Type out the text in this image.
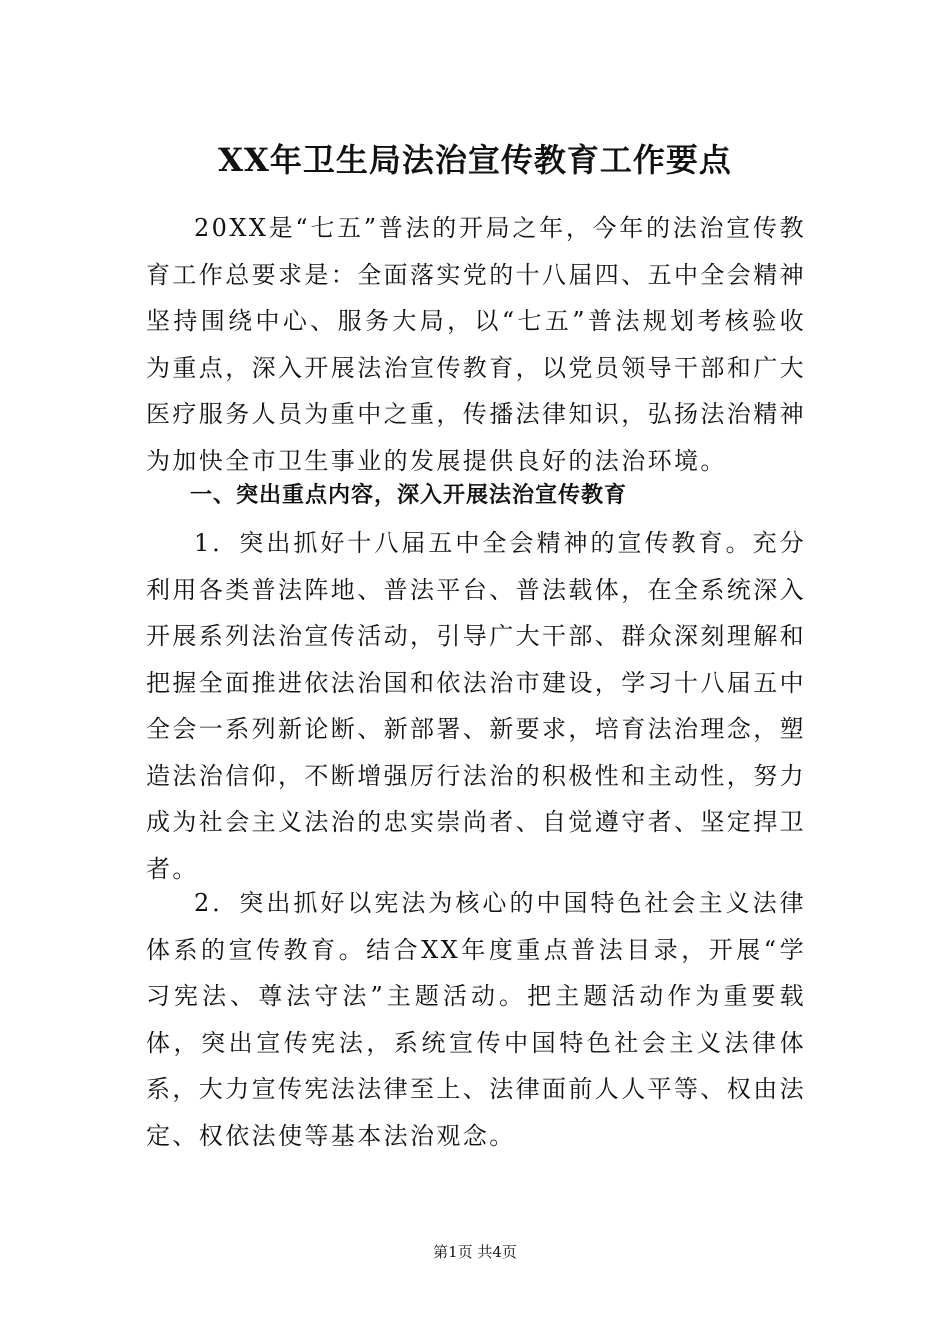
XX年卫生局法治宣传教育工作要点

20XX是“七五”普法的开局之年，今年的法治宣传教育工作总要求是：全面落实党的十八届四、五中全会精神坚持围绕中心、服务大局，以“七五”普法规划考核验收为重点，深入开展法治宣传教育，以党员领导干部和广大医疗服务人员为重中之重，传播法律知识，弘扬法治精神为加快全市卫生事业的发展提供良好的法治环境。

一、突出重点内容，深入开展法治宣传教育

1．突出抓好十八届五中全会精神的宣传教育。充分利用各类普法阵地、普法平台、普法载体，在全系统深入开展系列法治宣传活动，引导广大干部、群众深刻理解和把握全面推进依法治国和依法治市建设，学习十八届五中全会一系列新论断、新部署、新要求，培育法治理念，塑造法治信仰，不断增强厉行法治的积极性和主动性，努力成为社会主义法治的忠实崇尚者、自觉遵守者、坚定捍卫者。

2．突出抓好以宪法为核心的中国特色社会主义法律体系的宣传教育。结合XX年度重点普法目录，开展“学习宪法、尊法守法”主题活动。把主题活动作为重要载体，突出宣传宪法，系统宣传中国特色社会主义法律体系，大力宣传宪法法律至上、法律面前人人平等、权由法定、权依法使等基本法治观念。

第1页 共4页
